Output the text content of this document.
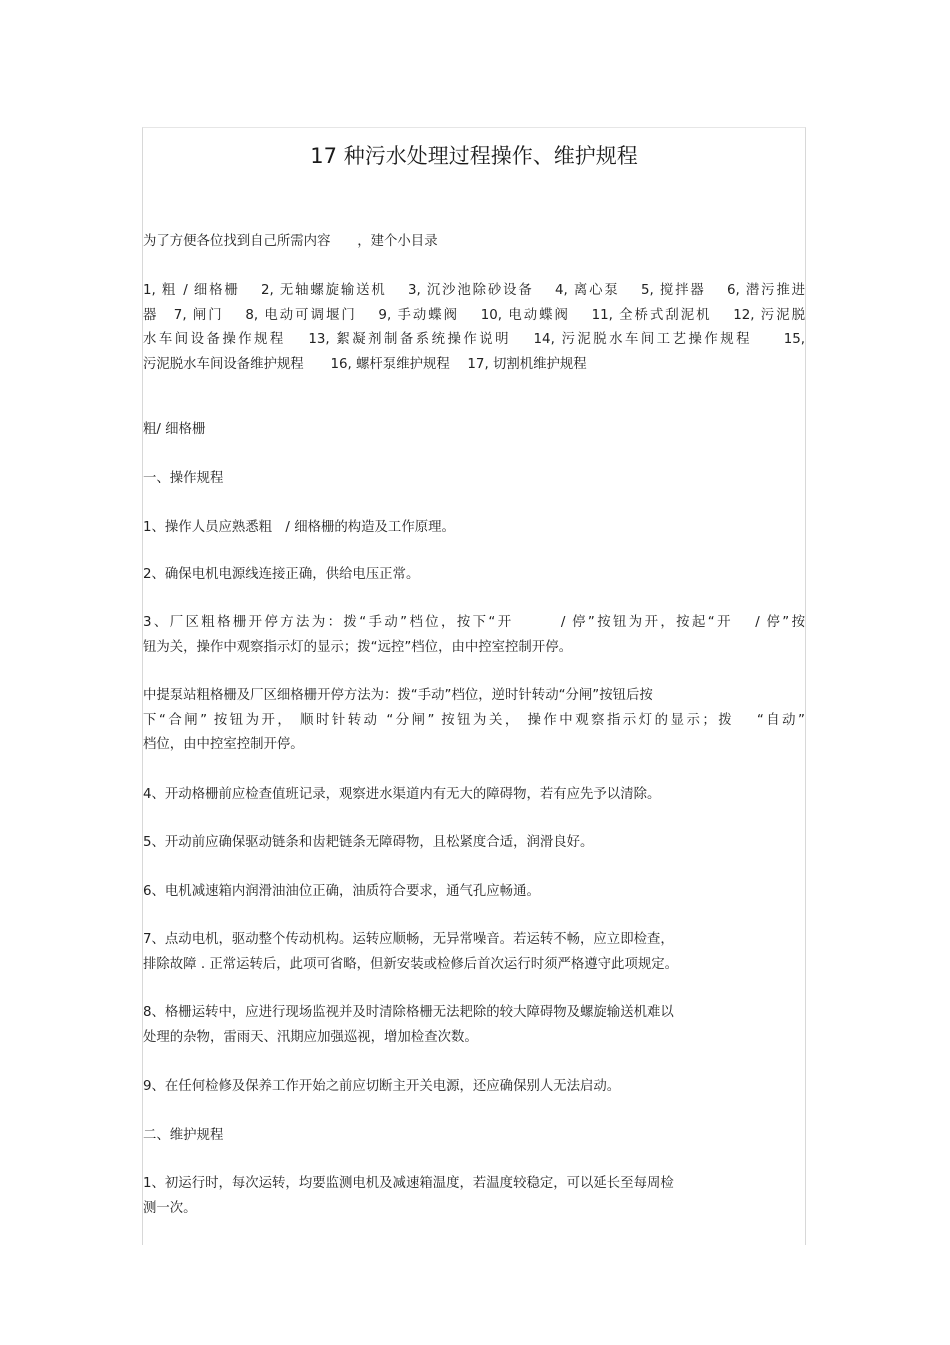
17 种污水处理过程操作、维护规程

为了方便各位找到自己所需内容　　，建个小目录

1, 粗 / 细格栅　 2, 无轴螺旋输送机　 3, 沉沙池除砂设备　 4, 离心泵　 5, 搅拌器　 6, 潜污推进
器　7, 闸门　 8, 电动可调堰门　 9, 手动蝶阀　 10, 电动蝶阀　 11, 全桥式刮泥机　 12, 污泥脱
水车间设备操作规程　 13, 絮凝剂制备系统操作说明　 14, 污泥脱水车间工艺操作规程　　15,
污泥脱水车间设备维护规程　　16, 螺杆泵维护规程　 17, 切割机维护规程

粗/ 细格栅

一、操作规程

1、操作人员应熟悉粗　/ 细格栅的构造及工作原理。

2、确保电机电源线连接正确，供给电压正常。

3、厂区粗格栅开停方法为：拨“手动”档位，按下“开　　　/ 停”按钮为开，按起“开　 / 停”按
钮为关，操作中观察指示灯的显示；拨“远控”档位，由中控室控制开停。

中提泵站粗格栅及厂区细格栅开停方法为：拨“手动”档位，逆时针转动“分闸”按钮后按
下“合闸” 按钮为开， 顺时针转动 “分闸” 按钮为关， 操作中观察指示灯的显示；拨　 “自动”
档位，由中控室控制开停。

4、开动格栅前应检查值班记录，观察进水渠道内有无大的障碍物，若有应先予以清除。

5、开动前应确保驱动链条和齿耙链条无障碍物，且松紧度合适，润滑良好。

6、电机减速箱内润滑油油位正确，油质符合要求，通气孔应畅通。

7、点动电机，驱动整个传动机构。运转应顺畅，无异常噪音。若运转不畅，应立即检查，
排除故障 . 正常运转后，此项可省略，但新安装或检修后首次运行时须严格遵守此项规定。

8、格栅运转中，应进行现场监视并及时清除格栅无法耙除的较大障碍物及螺旋输送机难以
处理的杂物，雷雨天、汛期应加强巡视，增加检查次数。

9、在任何检修及保养工作开始之前应切断主开关电源，还应确保别人无法启动。

二、维护规程

1、初运行时，每次运转，均要监测电机及减速箱温度，若温度较稳定，可以延长至每周检
测一次。
